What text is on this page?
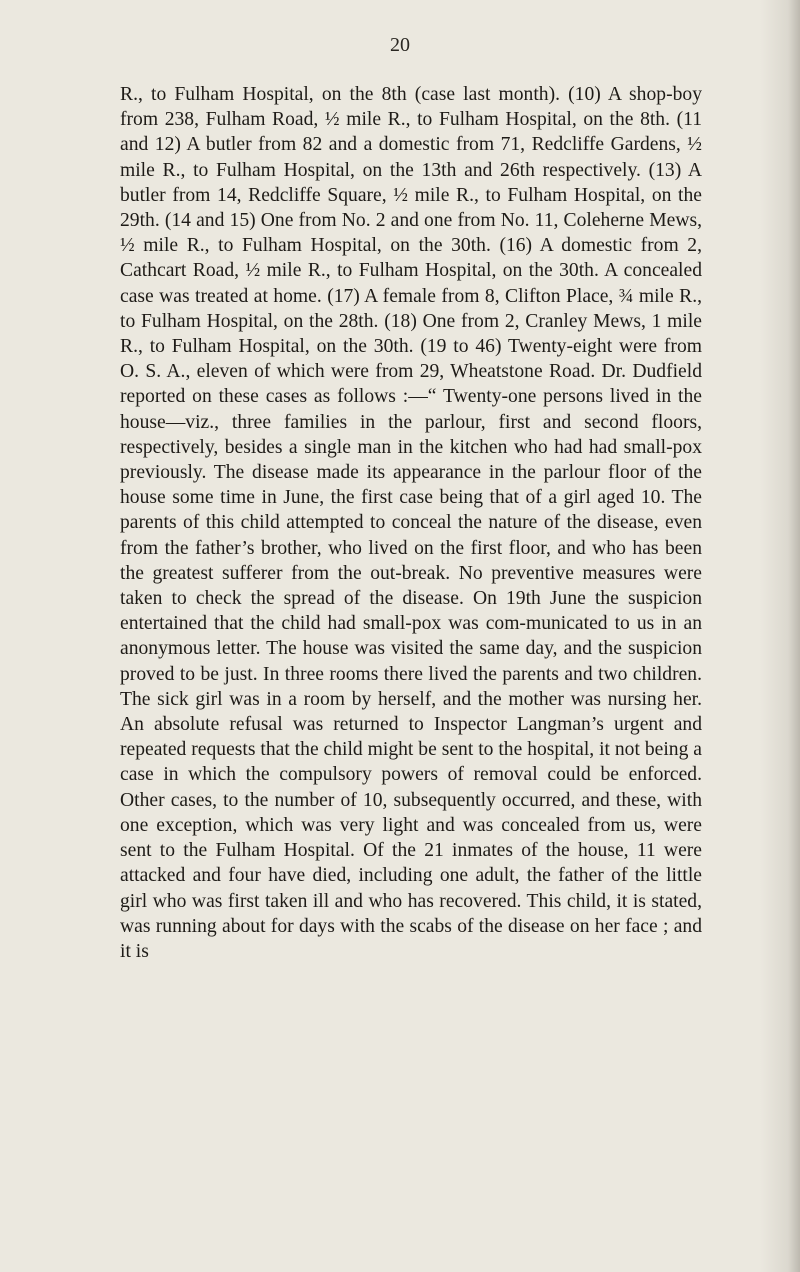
20

R., to Fulham Hospital, on the 8th (case last month). (10) A shop-boy from 238, Fulham Road, ½ mile R., to Fulham Hospital, on the 8th. (11 and 12) A butler from 82 and a domestic from 71, Redcliffe Gardens, ½ mile R., to Fulham Hospital, on the 13th and 26th respectively. (13) A butler from 14, Redcliffe Square, ½ mile R., to Fulham Hospital, on the 29th. (14 and 15) One from No. 2 and one from No. 11, Coleherne Mews, ½ mile R., to Fulham Hospital, on the 30th. (16) A domestic from 2, Cathcart Road, ½ mile R., to Fulham Hospital, on the 30th. A concealed case was treated at home. (17) A female from 8, Clifton Place, ¾ mile R., to Fulham Hospital, on the 28th. (18) One from 2, Cranley Mews, 1 mile R., to Fulham Hospital, on the 30th. (19 to 46) Twenty-eight were from O. S. A., eleven of which were from 29, Wheatstone Road. Dr. Dudfield reported on these cases as follows :—“ Twenty-one persons lived in the house—viz., three families in the parlour, first and second floors, respectively, besides a single man in the kitchen who had had small-pox previously. The disease made its appearance in the parlour floor of the house some time in June, the first case being that of a girl aged 10. The parents of this child attempted to conceal the nature of the disease, even from the father’s brother, who lived on the first floor, and who has been the greatest sufferer from the out-break. No preventive measures were taken to check the spread of the disease. On 19th June the suspicion entertained that the child had small-pox was com-municated to us in an anonymous letter. The house was visited the same day, and the suspicion proved to be just. In three rooms there lived the parents and two children. The sick girl was in a room by herself, and the mother was nursing her. An absolute refusal was returned to Inspector Langman’s urgent and repeated requests that the child might be sent to the hospital, it not being a case in which the compulsory powers of removal could be enforced. Other cases, to the number of 10, subsequently occurred, and these, with one exception, which was very light and was concealed from us, were sent to the Fulham Hospital. Of the 21 inmates of the house, 11 were attacked and four have died, including one adult, the father of the little girl who was first taken ill and who has recovered. This child, it is stated, was running about for days with the scabs of the disease on her face ; and it is
